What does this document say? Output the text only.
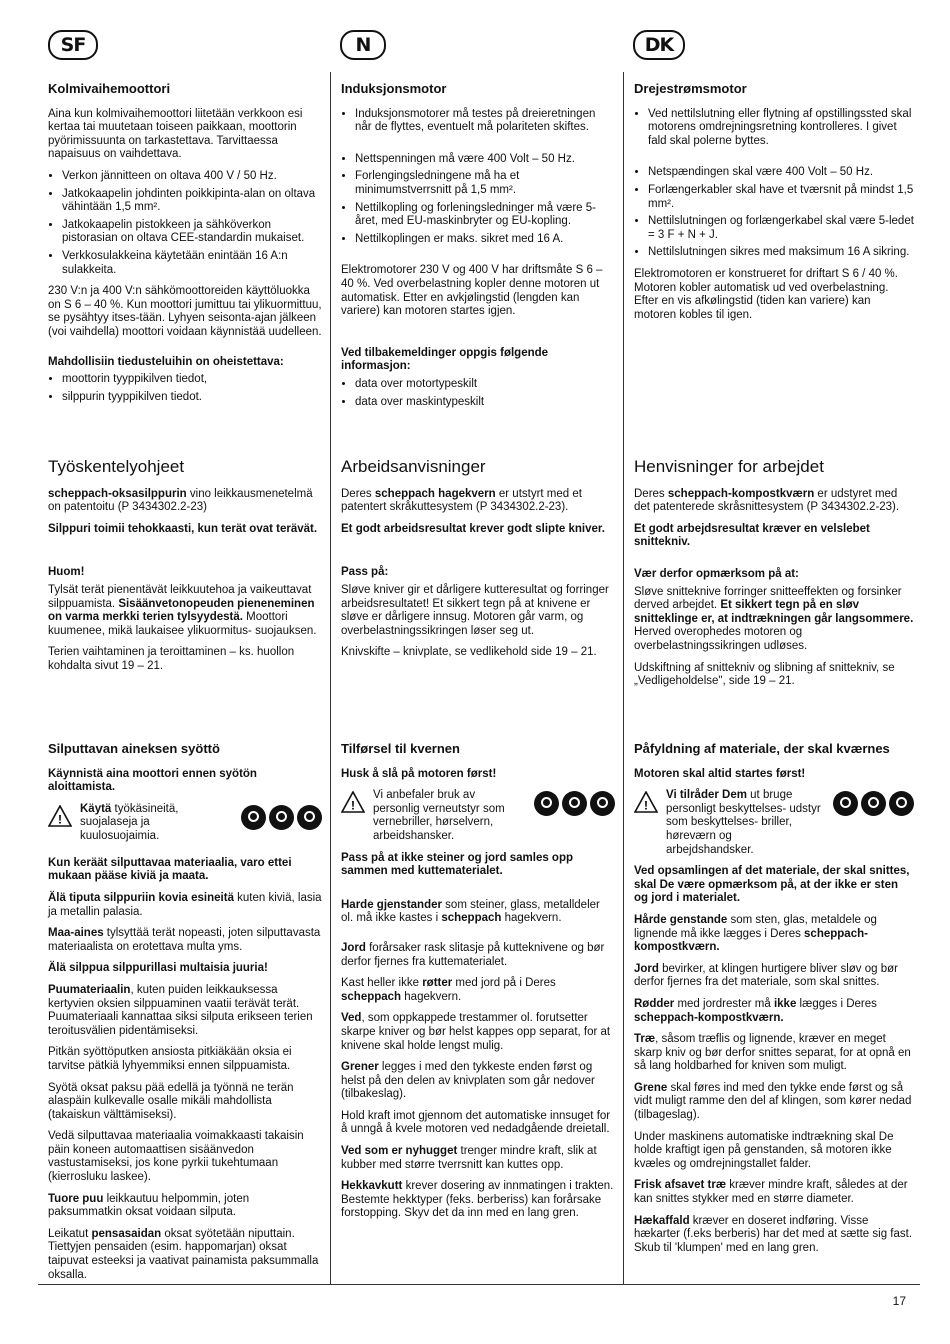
SF	N	DK
Kolmivaihemoottori

Aina kun kolmivaihemoottori liitetään verkkoon esi kertaa tai muutetaan toiseen paikkaan, moottorin pyörimissuunta on tarkastettava. Tarvittaessa napaisuus on vaihdettava.

• Verkon jännitteen on oltava 400 V / 50 Hz.
• Jatkokaapelin johdinten poikkipinta-alan on oltava vähintään 1,5 mm².
• Jatkokaapelin pistokkeen ja sähköverkon pistorasian on oltava CEE-standardin mukaiset.
• Verkkosulakkeina käytetään enintään 16 A:n sulakkeita.

230 V:n ja 400 V:n sähkömoottoreiden käyttöluokka on S 6 – 40 %. Kun moottori jumittuu tai ylikuormittuu, se pysähtyy itses-tään. Lyhyen seisonta-ajan jälkeen (voi vaihdella) moottori voidaan käynnistää uudelleen.

Mahdollisiin tiedusteluihin on oheistettava:
• moottorin tyyppikilven tiedot,
• silppurin tyyppikilven tiedot.
Työskentelyohjeet

scheppach-oksasilppurin vino leikkausmenetelmä on patentoitu (P 3434302.2-23)

Silppuri toimii tehokkaasti, kun terät ovat terävät.

Huom!

Tylsät terät pienentävät leikkuutehoa ja vaikeuttavat silppuamista. Sisäänvetonopeuden pieneneminen on varma merkki terien tylsyydestä. Moottori kuumenee, mikä laukaisee ylikuormitus- suojauksen.

Terien vaihtaminen ja teroittaminen – ks. huollon kohdalta sivut 19 – 21.

Silputtavan aineksen syöttö

Käynnistä aina moottori ennen syötön aloittamista.

!
Käytä työkäsineitä, suojalaseja ja kuulosuojaimia.

Kun keräät silputtavaa materiaalia, varo ettei mukaan pääse kiviä ja maata.

Älä tiputa silppuriin kovia esineitä kuten kiviä, lasia ja metallin palasia.

Maa-aines tylsyttää terät nopeasti, joten silputtavasta materiaalista on erotettava multa yms.

Älä silppua silppurillasi multaisia juuria!

Puumateriaalin, kuten puiden leikkauksessa kertyvien oksien silppuaminen vaatii terävät terät. Puumateriaali kannattaa siksi silputa erikseen terien teroitusvälien pidentämiseksi.

Pitkän syöttöputken ansiosta pitkiäkään oksia ei tarvitse pätkiä lyhyemmiksi ennen silppuamista.

Syötä oksat paksu pää edellä ja työnnä ne terän alaspäin kulkevalle osalle mikäli mahdollista (takaiskun välttämiseksi).

Vedä silputtavaa materiaalia voimakkaasti takaisin päin koneen automaattisen sisäänvedon vastustamiseksi, jos kone pyrkii tukehtumaan (kierrosluku laskee).

Tuore puu leikkautuu helpommin, joten paksummatkin oksat voidaan silputa.

Leikatut pensasaidan oksat syötetään niputtain. Tiettyjen pensaiden (esim. happomarjan) oksat taipuvat esteeksi ja vaativat painamista paksummalla oksalla.

Induksjonsmotor
• Induksjonsmotorer må testes på dreieretningen når de flyttes, eventuelt må polariteten skiftes.
• Nettspenningen må være 400 Volt – 50 Hz.
• Forlengingsledningene må ha et minimumstverrsnitt på 1,5 mm².
• Nettilkopling og forleningsledninger må være 5-året, med EU-maskinbryter og EU-kopling.
• Nettilkoplingen er maks. sikret med 16 A.

Elektromotorer 230 V og 400 V har driftsmåte S 6 – 40 %. Ved overbelastning kopler denne motoren ut automatisk. Etter en avkjølingstid (lengden kan variere) kan motoren startes igjen.

Ved tilbakemeldinger oppgis følgende informasjon:
• data over motortypeskilt
• data over maskintypeskilt
Arbeidsanvisninger

Deres scheppach hagekvern er utstyrt med et patentert skråkuttesystem (P 3434302.2-23).

Et godt arbeidsresultat krever godt slipte kniver.

Pass på:

Sløve kniver gir et dårligere kutteresultat og forringer arbeidsresultatet! Et sikkert tegn på at knivene er sløve er dårligere innsug. Motoren går varm, og overbelastningssikringen løser seg ut.

Knivskifte – knivplate, se vedlikehold side 19 – 21.

Tilførsel til kvernen

Husk å slå på motoren først!

!
Vi anbefaler bruk av personlig verneutstyr som vernebriller, hørselvern, arbeidshansker.

Pass på at ikke steiner og jord samles opp sammen med kuttematerialet.

Harde gjenstander som steiner, glass, metalldeler ol. må ikke kastes i scheppach hagekvern.

Jord forårsaker rask slitasje på kutteknivene og bør derfor fjernes fra kuttematerialet.

Kast heller ikke røtter med jord på i Deres scheppach hagekvern.

Ved, som oppkappede trestammer ol. forutsetter skarpe kniver og bør helst kappes opp separat, for at knivene skal holde lengst mulig.

Grener legges i med den tykkeste enden først og helst på den delen av knivplaten som går nedover (tilbakeslag).

Hold kraft imot gjennom det automatiske innsuget for å unngå å kvele motoren ved nedadgående dreietall.

Ved som er nyhugget trenger mindre kraft, slik at kubber med større tverrsnitt kan kuttes opp.

Hekkavkutt krever dosering av innmatingen i trakten. Bestemte hekktyper (feks. berberiss) kan forårsake forstopping. Skyv det da inn med en lang gren.

Drejestrømsmotor
• Ved nettilslutning eller flytning af opstillingssted skal motorens omdrejningsretning kontrolleres. I givet fald skal polerne byttes.
• Netspændingen skal være 400 Volt – 50 Hz.
• Forlængerkabler skal have et tværsnit på mindst 1,5 mm².
• Nettilslutningen og forlængerkabel skal være 5-ledet = 3 F + N + J.
• Nettilslutningen sikres med maksimum 16 A sikring.

Elektromotoren er konstrueret for driftart S 6 / 40 %. Motoren kobler automatisk ud ved overbelastning. Efter en vis afkølingstid (tiden kan variere) kan motoren kobles til igen.

Henvisninger for arbejdet

Deres scheppach-kompostkværn er udstyret med det patenterede skråsnittesystem (P 3434302.2-23).

Et godt arbejdsresultat kræver en velslebet snittekniv.

Vær derfor opmærksom på at:

Sløve snitteknive forringer snitteeffekten og forsinker derved arbejdet. Et sikkert tegn på en sløv snitteklinge er, at indtrækningen går langsommere. Herved overophedes motoren og overbelastningssikringen udløses.

Udskiftning af snittekniv og slibning af snittekniv, se „Vedligeholdelse", side 19 – 21.

Påfyldning af materiale, der skal kværnes

Motoren skal altid startes først!

!
Vi tilråder Dem ut bruge personligt beskyttelses- udstyr som beskyttelses- briller, høreværn og arbejdshandsker.

Ved opsamlingen af det materiale, der skal snittes, skal De være opmærksom på, at der ikke er sten og jord i materialet.

Hårde genstande som sten, glas, metaldele og lignende må ikke lægges i Deres scheppach-kompostkværn.

Jord bevirker, at klingen hurtigere bliver sløv og bør derfor fjernes fra det materiale, som skal snittes.

Rødder med jordrester må ikke lægges i Deres scheppach-kompostkværn.

Træ, såsom træflis og lignende, kræver en meget skarp kniv og bør derfor snittes separat, for at opnå en så lang holdbarhed for kniven som muligt.

Grene skal føres ind med den tykke ende først og så vidt muligt ramme den del af klingen, som kører nedad (tilbageslag).

Under maskinens automatiske indtrækning skal De holde kraftigt igen på genstanden, så motoren ikke kvæles og omdrejningstallet falder.

Frisk afsavet træ kræver mindre kraft, således at der kan snittes stykker med en større diameter.

Hækaffald kræver en doseret indføring. Visse hækarter (f.eks berberis) har det med at sætte sig fast. Skub til 'klumpen' med en lang gren.

17
